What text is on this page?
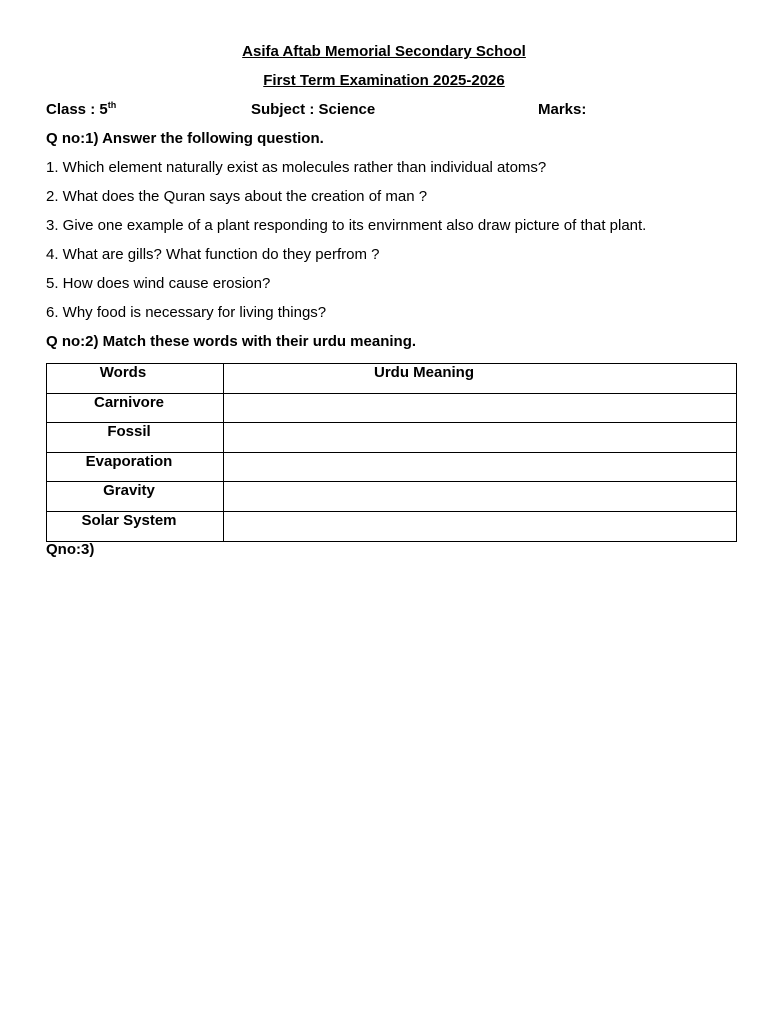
Asifa Aftab Memorial Secondary School
First Term Examination 2025-2026
Class : 5th	Subject : Science	Marks:
Q no:1) Answer the following question.
1. Which element naturally exist as molecules rather than individual atoms?
2. What does the Quran says about the creation of man ?
3. Give one example of a plant responding to its envirnment also draw picture of that plant.
4. What are gills? What function do they perfrom ?
5. How does wind cause erosion?
6. Why food is necessary for living things?
Q no:2) Match these words with their urdu meaning.
Words	Urdu Meaning
Carnivore	
Fossil	
Evaporation	
Gravity	
Solar System	
Qno:3)
